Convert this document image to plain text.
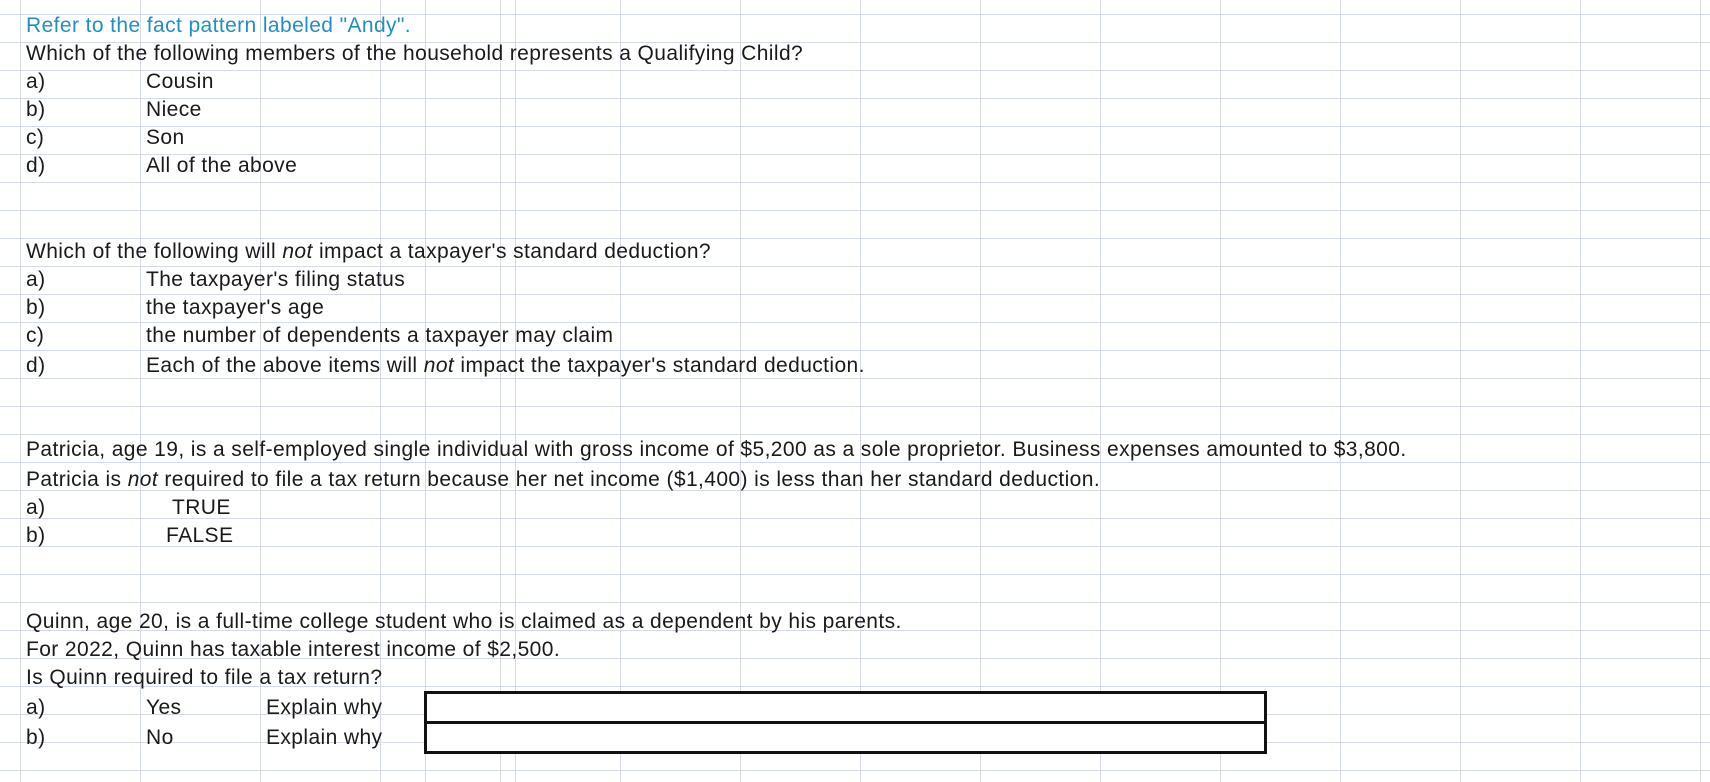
Refer to the fact pattern labeled "Andy".
Which of the following members of the household represents a Qualifying Child?
a)	Cousin
b)	Niece
c)	Son
d)	All of the above
Which of the following will not impact a taxpayer's standard deduction?
a)	The taxpayer's filing status
b)	the taxpayer's age
c)	the number of dependents a taxpayer may claim
d)	Each of the above items will not impact the taxpayer's standard deduction.
Patricia, age 19, is a self-employed single individual with gross income of $5,200 as a sole proprietor. Business expenses amounted to $3,800.
Patricia is not required to file a tax return because her net income ($1,400) is less than her standard deduction.
a)	TRUE
b)	FALSE
Quinn, age 20, is a full-time college student who is claimed as a dependent by his parents.
For 2022, Quinn has taxable interest income of $2,500.
Is Quinn required to file a tax return?
a)	Yes	Explain why
b)	No	Explain why
